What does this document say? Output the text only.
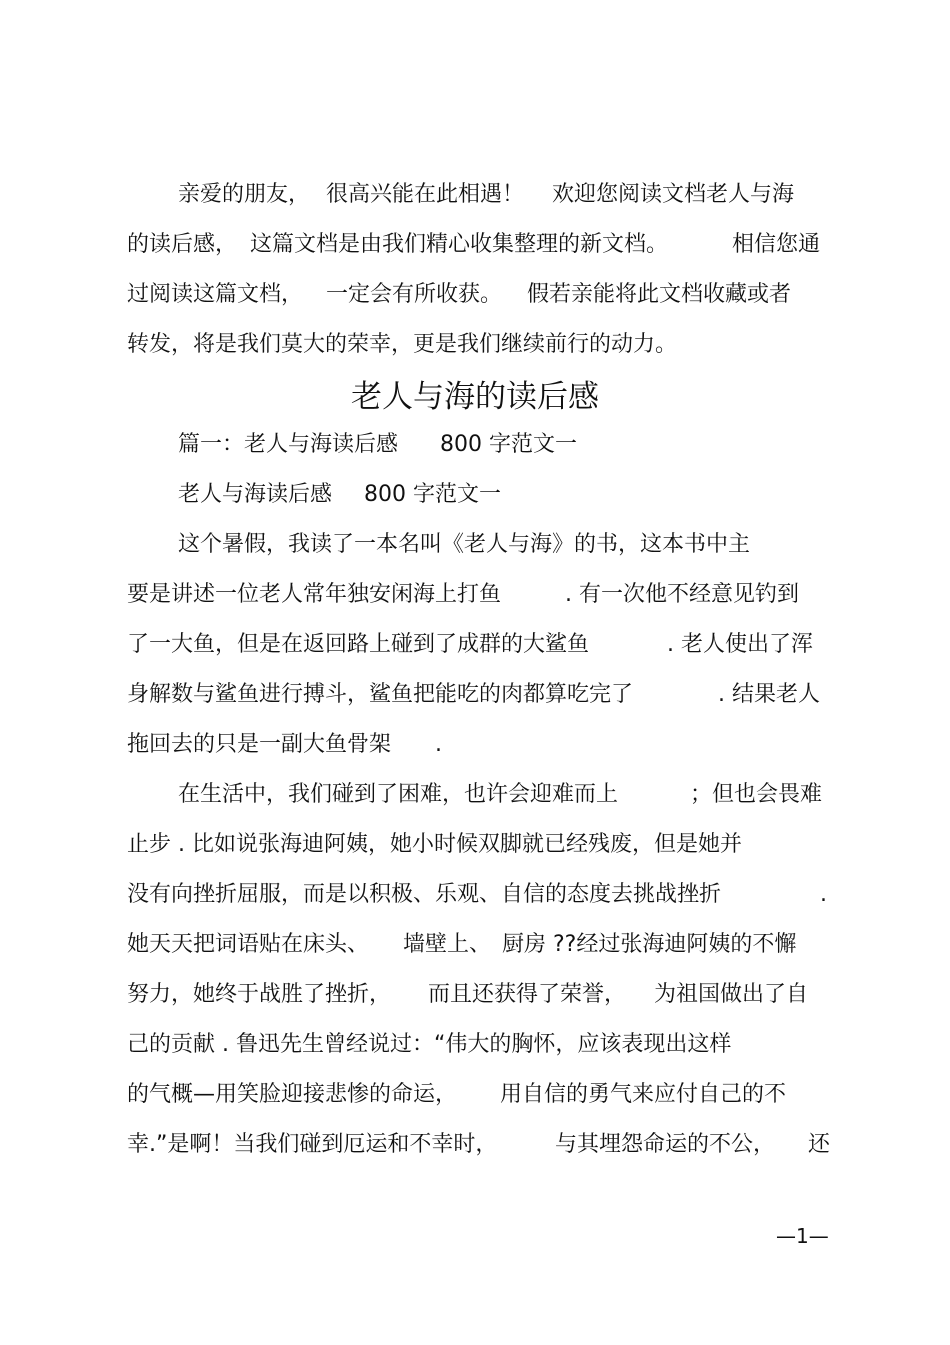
亲爱的朋友，

很高兴能在此相遇！

欢迎您阅读文档老人与海

的读后感，

这篇文档是由我们精心收集整理的新文档。

	相信您通

过阅读这篇文档，

一定会有所收获。

假若亲能将此文档收藏或者

转发，将是我们莫大的荣幸，更是我们继续前行的动力。

老人与海的读后感

篇一：老人与海读后感

800 字范文一

老人与海读后感

800 字范文一

这个暑假，我读了一本名叫《老人与海》的书，这本书中主

要是讲述一位老人常年独安闲海上打鱼

	. 有一次他不经意见钓到

了一大鱼，但是在返回路上碰到了成群的大鲨鱼

	. 老人使出了浑

身解数与鲨鱼进行搏斗，鲨鱼把能吃的肉都算吃完了

	. 结果老人

拖回去的只是一副大鱼骨架

.

在生活中，我们碰到了困难，也许会迎难而上

	；但也会畏难

止步 . 比如说张海迪阿姨，她小时候双脚就已经残废，但是她并

没有向挫折屈服，而是以积极、乐观、自信的态度去挑战挫折

	.

她天天把词语贴在床头、

墙壁上、

厨房 ??经过张海迪阿姨的不懈

努力，她终于战胜了挫折，

而且还获得了荣誉，

为祖国做出了自

己的贡献 . 鲁迅先生曾经说过：“伟大的胸怀，应该表现出这样

的气概—用笑脸迎接悲惨的命运，

用自信的勇气来应付自己的不

幸.”是啊！当我们碰到厄运和不幸时，

	与其埋怨命运的不公，

还

—1—
